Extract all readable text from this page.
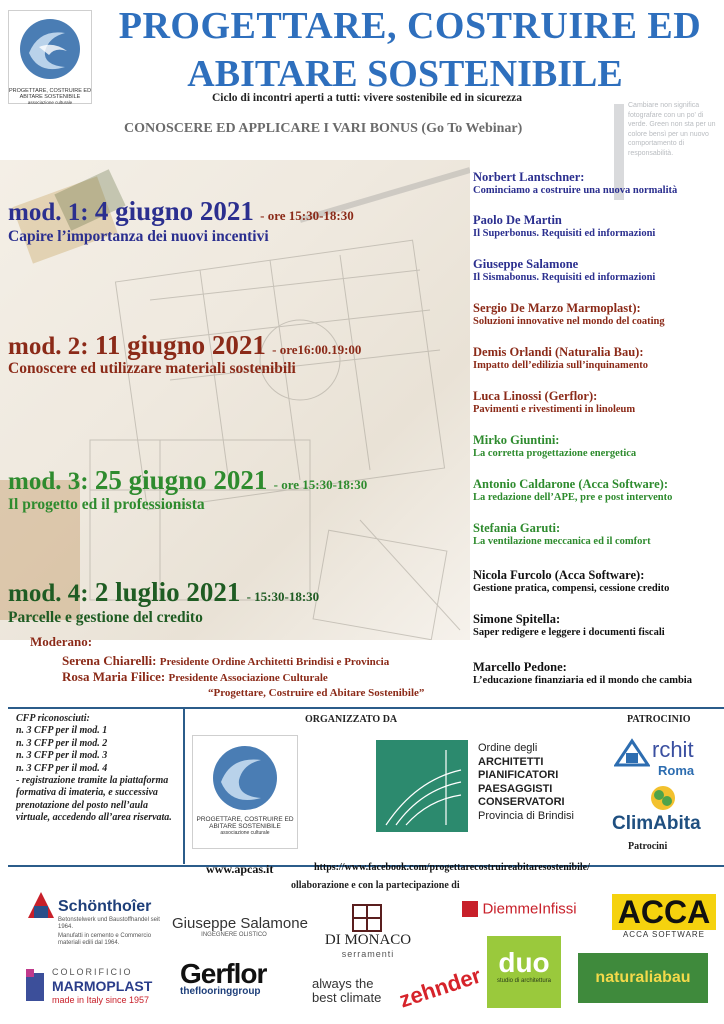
PROGETTARE, COSTRUIRE ED
ABITARE SOSTENIBILE
associazione culturale
PROGETTARE, COSTRUIRE ED
ABITARE SOSTENIBILE
Ciclo di incontri aperti a tutti: vivere sostenibile ed in sicurezza
CONOSCERE ED APPLICARE I VARI BONUS (Go To Webinar)
Cambiare non significa fotografare con un po' di verde. Green non sta per un colore bensì per un nuovo comportamento di responsabilità.
mod. 1: 4 giugno 2021 - ore 15:30-18:30
Capire l’importanza dei nuovi incentivi
mod. 2: 11 giugno 2021 - ore16:00.19:00
Conoscere ed utilizzare materiali sostenibili
mod. 3: 25 giugno 2021 - ore 15:30-18:30
Il progetto ed il professionista
mod. 4: 2 luglio 2021 - 15:30-18:30
Parcelle e gestione del credito
Norbert Lantschner:
Cominciamo a costruire una nuova normalità
Paolo De Martin
Il Superbonus. Requisiti ed informazioni
Giuseppe Salamone
Il Sismabonus. Requisiti ed informazioni
Sergio De Marzo Marmoplast):
Soluzioni innovative nel mondo del coating
Demis Orlandi (Naturalia Bau):
Impatto dell’edilizia sull’inquinamento
Luca Linossi (Gerflor):
Pavimenti e rivestimenti in linoleum
Mirko Giuntini:
La corretta progettazione energetica
Antonio Caldarone (Acca Software):
La redazione dell’APE, pre e post intervento
Stefania Garuti:
La ventilazione meccanica ed il comfort
Nicola Furcolo (Acca Software):
Gestione pratica, compensi, cessione credito
Simone Spitella:
Saper redigere e leggere i documenti fiscali
Marcello Pedone:
L’educazione finanziaria ed il mondo che cambia
Moderano:
Serena Chiarelli: Presidente Ordine Architetti Brindisi e Provincia
Rosa Maria Filice: Presidente Associazione Culturale
“Progettare, Costruire ed Abitare Sostenibile”
CFP riconosciuti:
n. 3 CFP per il mod. 1
n. 3 CFP per il mod. 2
n. 3 CFP per il mod. 3
n. 3 CFP per il mod. 4
- registrazione tramite la piattaforma formativa di imateria, e successiva prenotazione del posto nell’aula virtuale, accedendo all’area riservata.
ORGANIZZATO DA
PROGETTARE, COSTRUIRE ED
ABITARE SOSTENIBILE
associazione culturale
www.apcas.it	https://www.facebook.com/progettarecostruireabitaresostenibile/
Ordine degli
ARCHITETTI
PIANIFICATORI
PAESAGGISTI
CONSERVATORI
Provincia di Brindisi
PATROCINIO
rchit
Roma
ClimAbita
Patrocini
ollaborazione e con la partecipazione di
Schönthoîer
Betonstelwerk und Baustoffhandel seit 1964.
Manufatti in cemento e Commercio materiali edili dal 1964.
Giuseppe Salamone
INGEGNERE OLISTICO	DI MONACO
serramenti
DiemmeInfissi ACCA
ACCA SOFTWARE
COLORIFICIO
MARMOPLAST
made in Italy since 1957
Gerflor
theflooringgroup
always the
best climate zehnder
duo
studio di architettura	naturaliabau
